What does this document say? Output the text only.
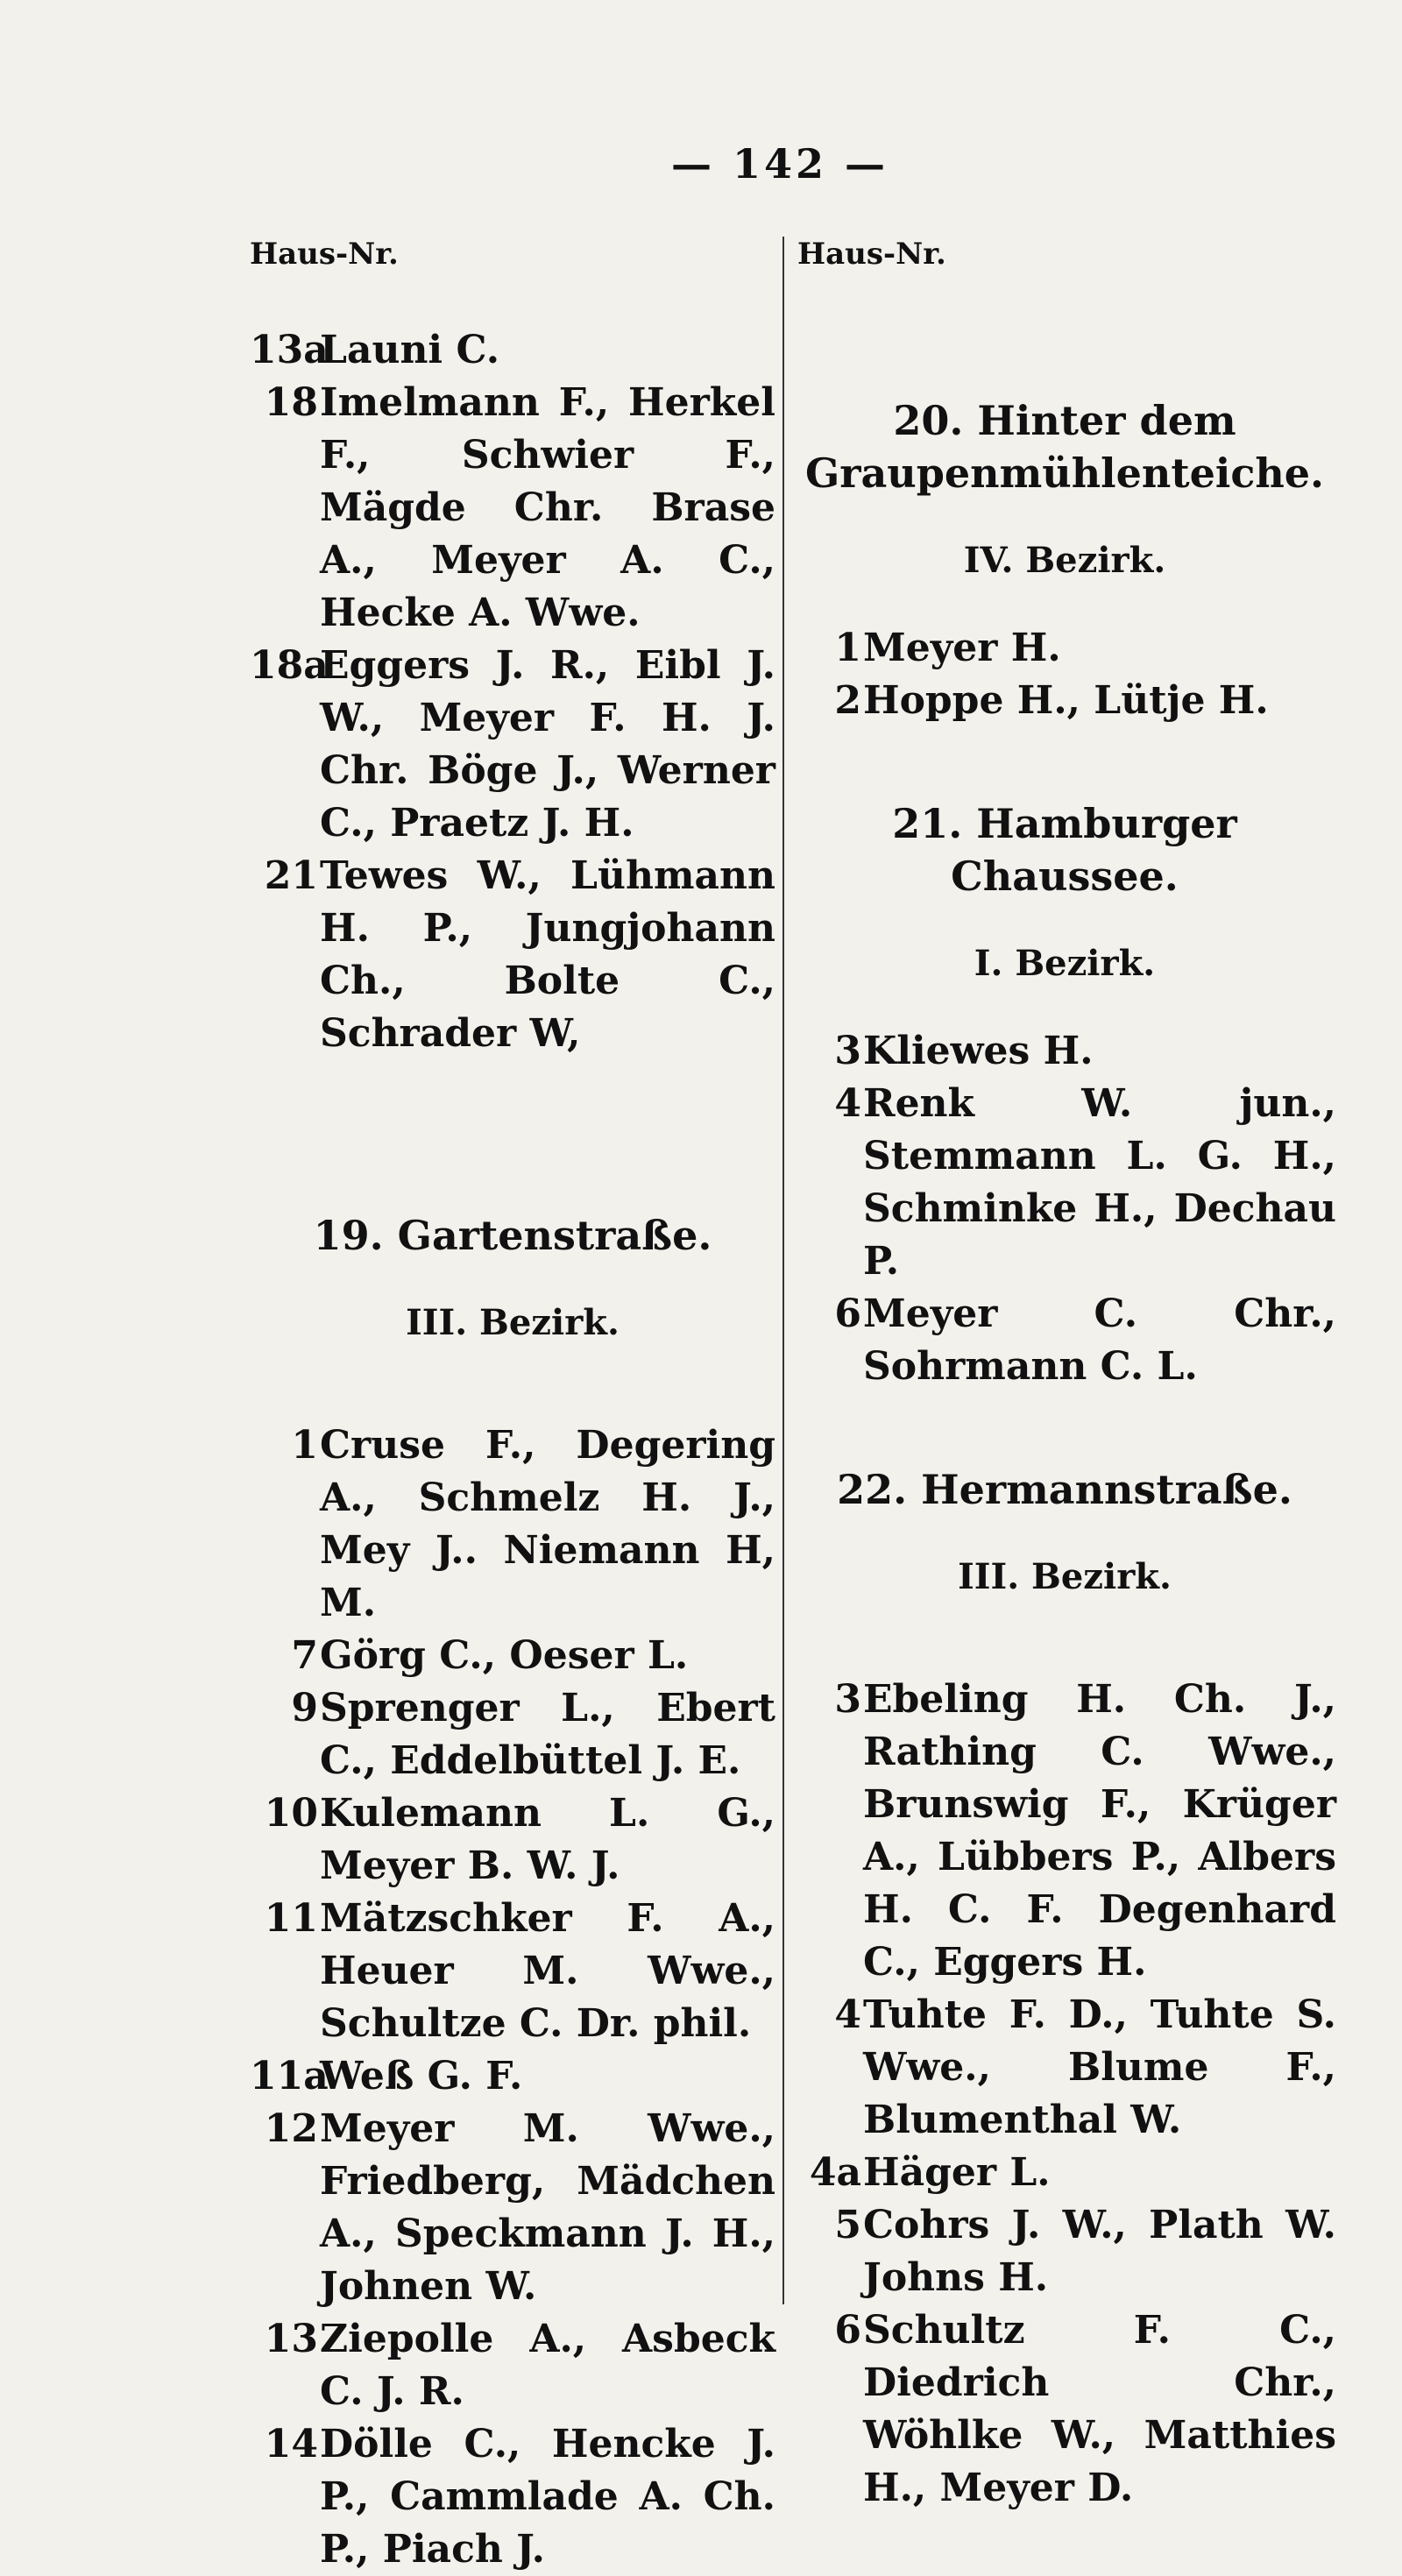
— 142 —
Haus-Nr.	Haus-Nr.
13a
Launi C.
18 Imelmann F., Herkel F., Schwier F., Mägde Chr. Brase A., Meyer A. C., Hecke A. Wwe.
18a
Eggers J. R., Eibl J. W., Meyer F. H. J. Chr. Böge J., Werner C., Praetz J. H.
21 Tewes W., Lühmann H. P., Jungjohann Ch., Bolte C., Schrader W,

19. Gartenstraße.

III. Bezirk.

1 Cruse F., Degering A., Schmelz H. J., Mey J.. Niemann H, M.
7 Görg C., Oeser L.
9 Sprenger L., Ebert C., Eddelbüttel J. E.
10 Kulemann L. G., Meyer B. W. J.
11 Mätzschker F. A., Heuer M. Wwe., Schultze C. Dr. phil.
11a
Weß G. F.
12 Meyer M. Wwe., Friedberg, Mädchen A., Speckmann J. H., Johnen W.
13 Ziepolle A., Asbeck C. J. R.
14 Dölle C., Hencke J. P., Cammlade A. Ch. P., Piach J.

20. Hinter dem Graupenmühlenteiche.

IV. Bezirk.

1 Meyer H.
2 Hoppe H., Lütje H.

21. Hamburger Chaussee.

I. Bezirk.

3 Kliewes H.
4 Renk W. jun., Stemmann L. G. H., Schminke H., Dechau P.
6 Meyer C. Chr., Sohrmann C. L.

22. Hermannstraße.

III. Bezirk.

3 Ebeling H. Ch. J., Rathing C. Wwe., Brunswig F., Krüger A., Lübbers P., Albers H. C. F. Degenhard C., Eggers H.
4 Tuhte F. D., Tuhte S. Wwe., Blume F., Blumenthal W.
4a Häger L.
5 Cohrs J. W., Plath W. Johns H.
6 Schultz F. C., Diedrich Chr., Wöhlke W., Matthies H., Meyer D.
